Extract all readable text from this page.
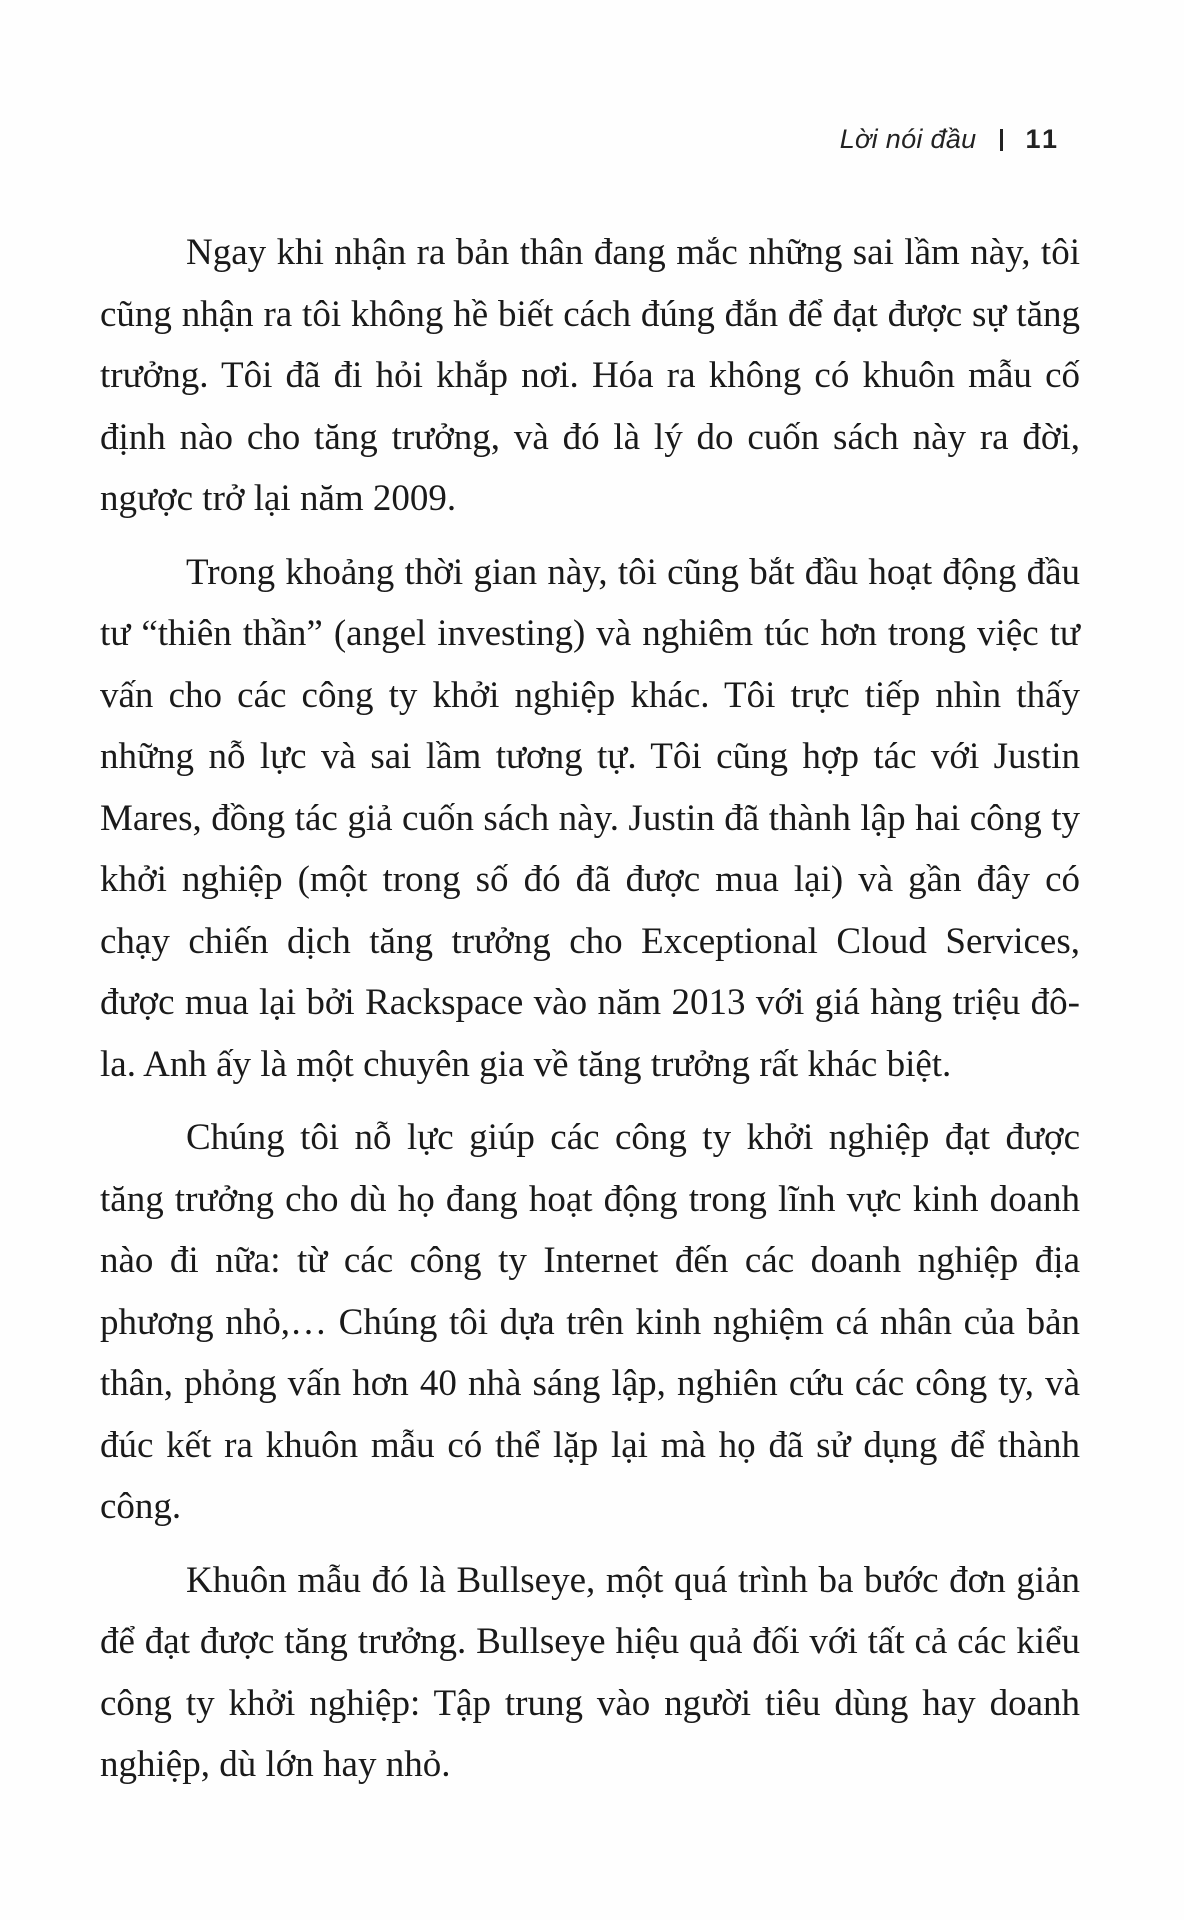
Lời nói đầu 11

Ngay khi nhận ra bản thân đang mắc những sai lầm này, tôi cũng nhận ra tôi không hề biết cách đúng đắn để đạt được sự tăng trưởng. Tôi đã đi hỏi khắp nơi. Hóa ra không có khuôn mẫu cố định nào cho tăng trưởng, và đó là lý do cuốn sách này ra đời, ngược trở lại năm 2009.

Trong khoảng thời gian này, tôi cũng bắt đầu hoạt động đầu tư “thiên thần” (angel investing) và nghiêm túc hơn trong việc tư vấn cho các công ty khởi nghiệp khác. Tôi trực tiếp nhìn thấy những nỗ lực và sai lầm tương tự. Tôi cũng hợp tác với Justin Mares, đồng tác giả cuốn sách này. Justin đã thành lập hai công ty khởi nghiệp (một trong số đó đã được mua lại) và gần đây có chạy chiến dịch tăng trưởng cho Exceptional Cloud Services, được mua lại bởi Rackspace vào năm 2013 với giá hàng triệu đô-la. Anh ấy là một chuyên gia về tăng trưởng rất khác biệt.

Chúng tôi nỗ lực giúp các công ty khởi nghiệp đạt được tăng trưởng cho dù họ đang hoạt động trong lĩnh vực kinh doanh nào đi nữa: từ các công ty Internet đến các doanh nghiệp địa phương nhỏ,… Chúng tôi dựa trên kinh nghiệm cá nhân của bản thân, phỏng vấn hơn 40 nhà sáng lập, nghiên cứu các công ty, và đúc kết ra khuôn mẫu có thể lặp lại mà họ đã sử dụng để thành công.

Khuôn mẫu đó là Bullseye, một quá trình ba bước đơn giản để đạt được tăng trưởng. Bullseye hiệu quả đối với tất cả các kiểu công ty khởi nghiệp: Tập trung vào người tiêu dùng hay doanh nghiệp, dù lớn hay nhỏ.
